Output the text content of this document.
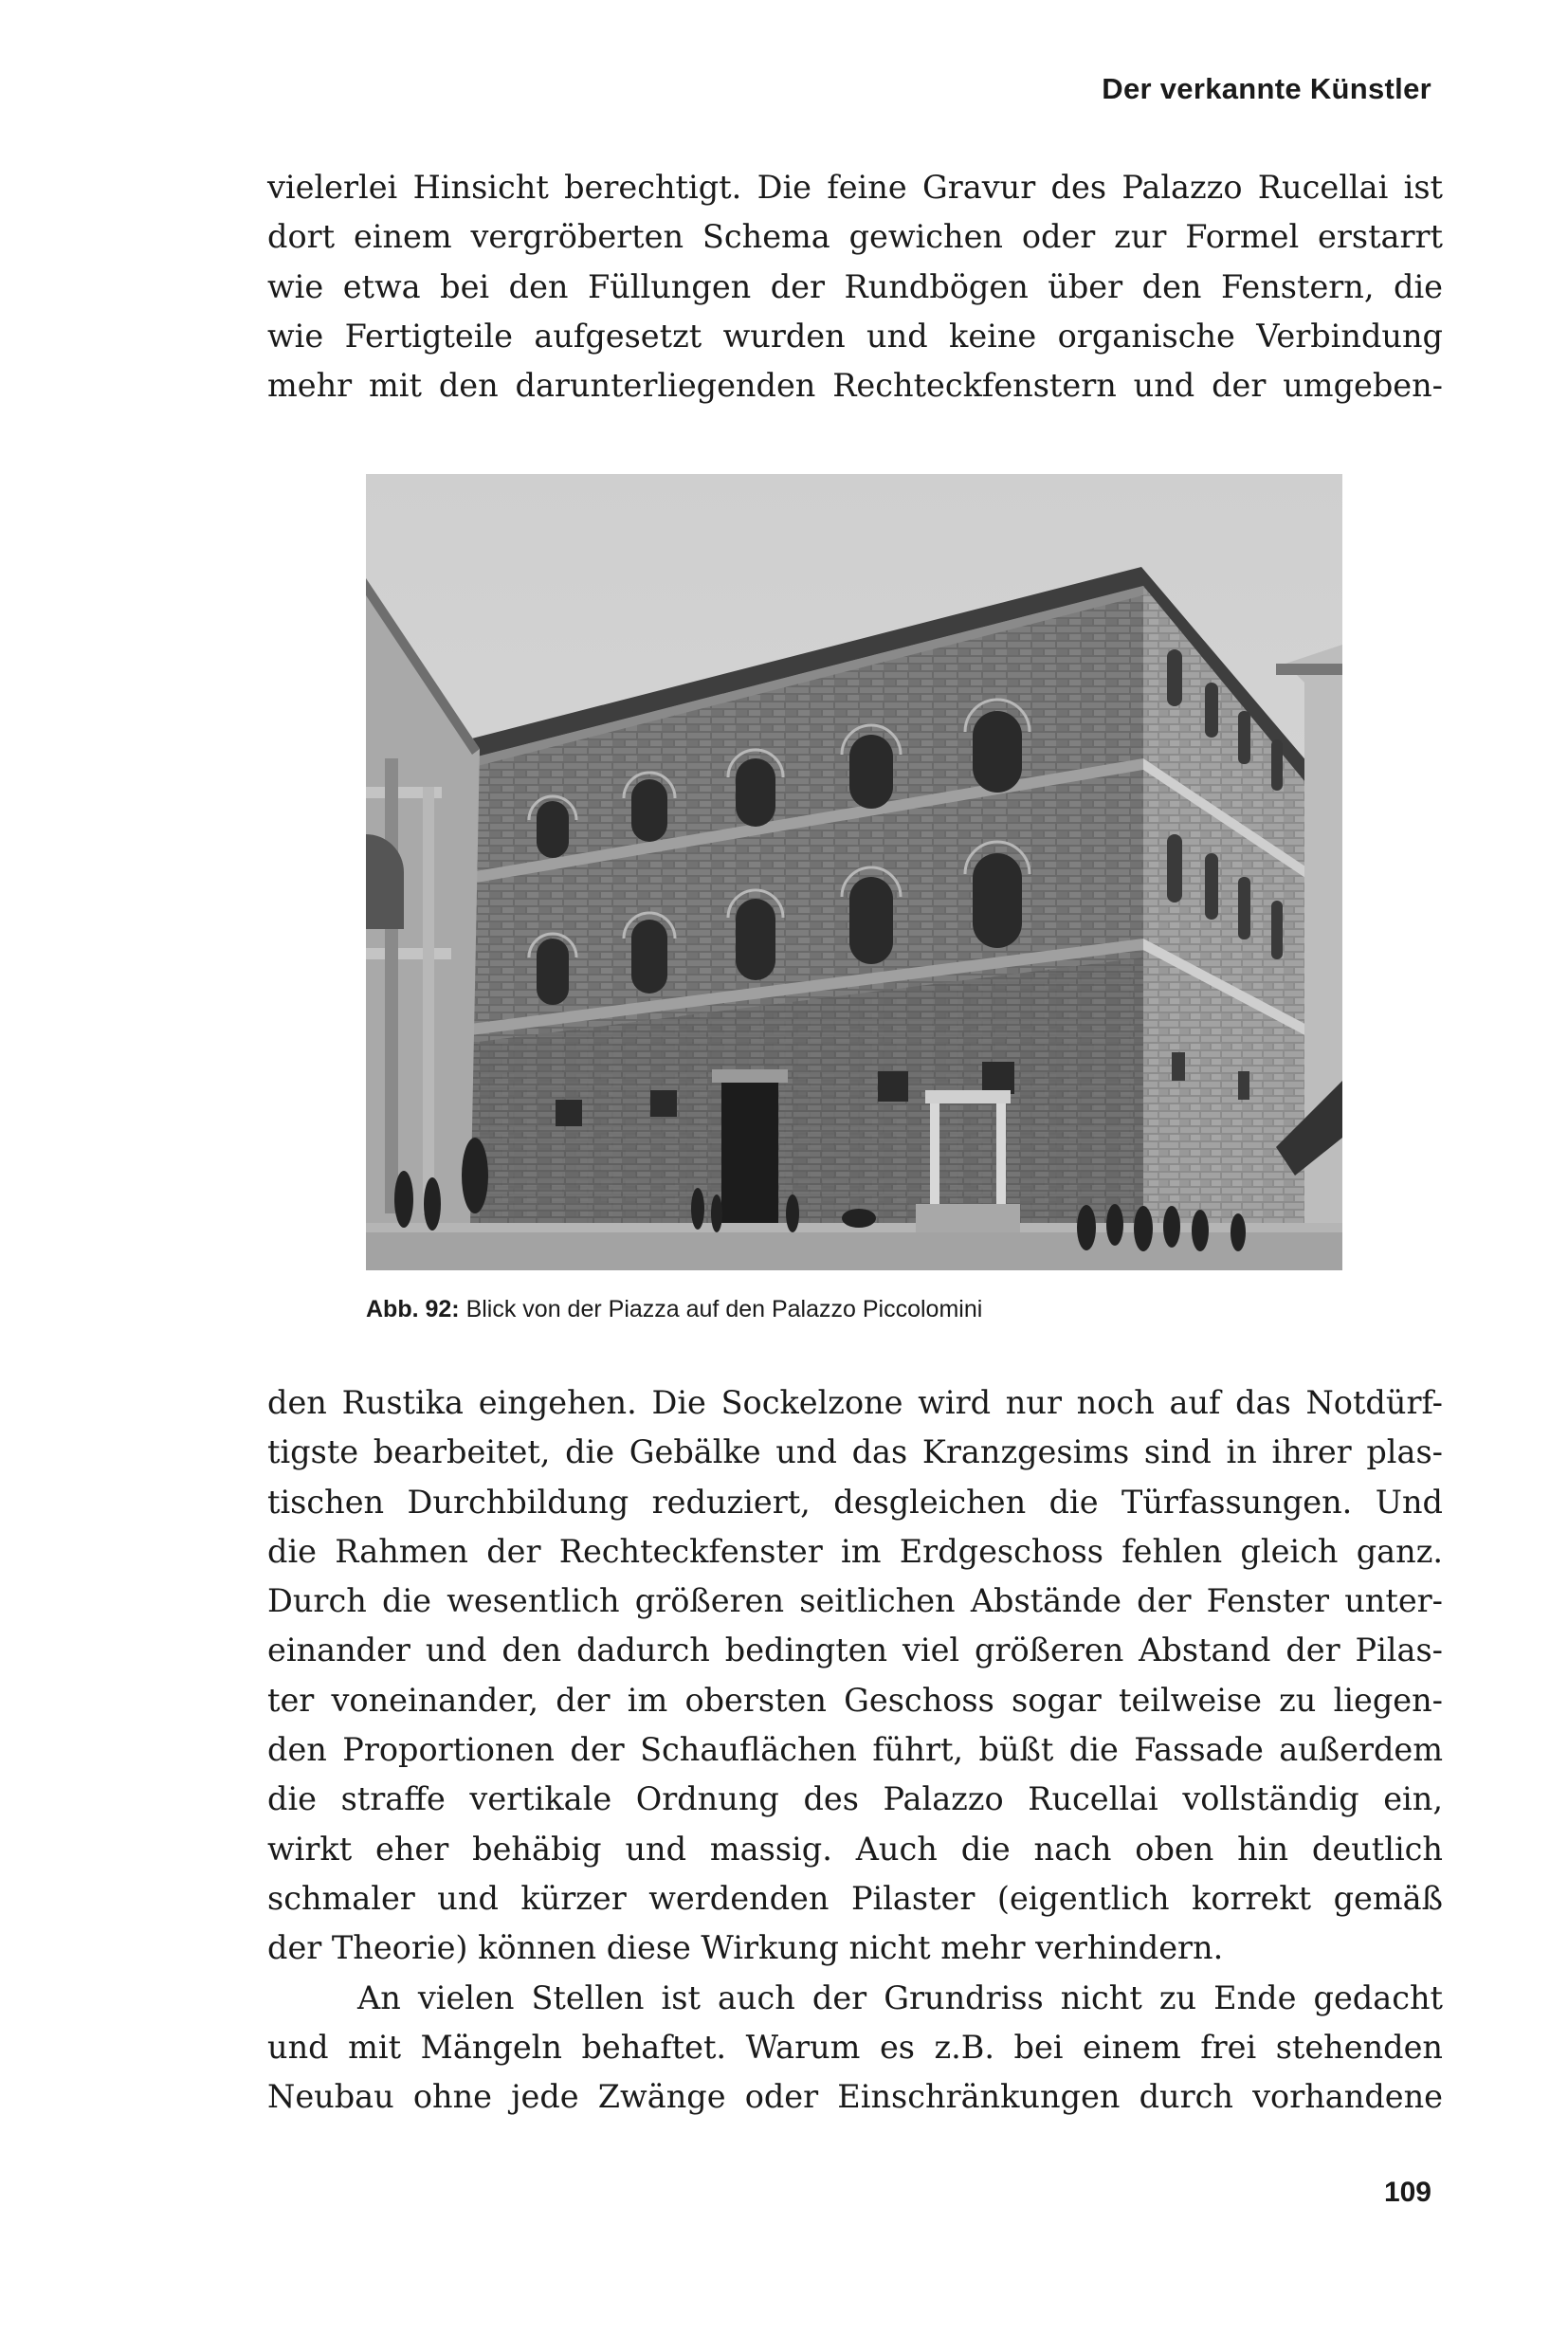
Der verkannte Künstler

vielerlei Hinsicht berechtigt. Die feine Gravur des Palazzo Rucellai ist
dort einem vergröberten Schema gewichen oder zur Formel erstarrt
wie etwa bei den Füllungen der Rundbögen über den Fenstern, die
wie Fertigteile aufgesetzt wurden und keine organische Verbindung
mehr mit den darunterliegenden Rechteckfenstern und der umgeben-

Abb. 92: Blick von der Piazza auf den Palazzo Piccolomini

den Rustika eingehen. Die Sockelzone wird nur noch auf das Notdürf-
tigste bearbeitet, die Gebälke und das Kranzgesims sind in ihrer plas-
tischen Durchbildung reduziert, desgleichen die Türfassungen. Und
die Rahmen der Rechteckfenster im Erdgeschoss fehlen gleich ganz.
Durch die wesentlich größeren seitlichen Abstände der Fenster unter-
einander und den dadurch bedingten viel größeren Abstand der Pilas-
ter voneinander, der im obersten Geschoss sogar teilweise zu liegen-
den Proportionen der Schauflächen führt, büßt die Fassade außerdem
die straffe vertikale Ordnung des Palazzo Rucellai vollständig ein,
wirkt eher behäbig und massig. Auch die nach oben hin deutlich
schmaler und kürzer werdenden Pilaster (eigentlich korrekt gemäß
der Theorie) können diese Wirkung nicht mehr verhindern.

An vielen Stellen ist auch der Grundriss nicht zu Ende gedacht
und mit Mängeln behaftet. Warum es z.B. bei einem frei stehenden
Neubau ohne jede Zwänge oder Einschränkungen durch vorhandene

109
